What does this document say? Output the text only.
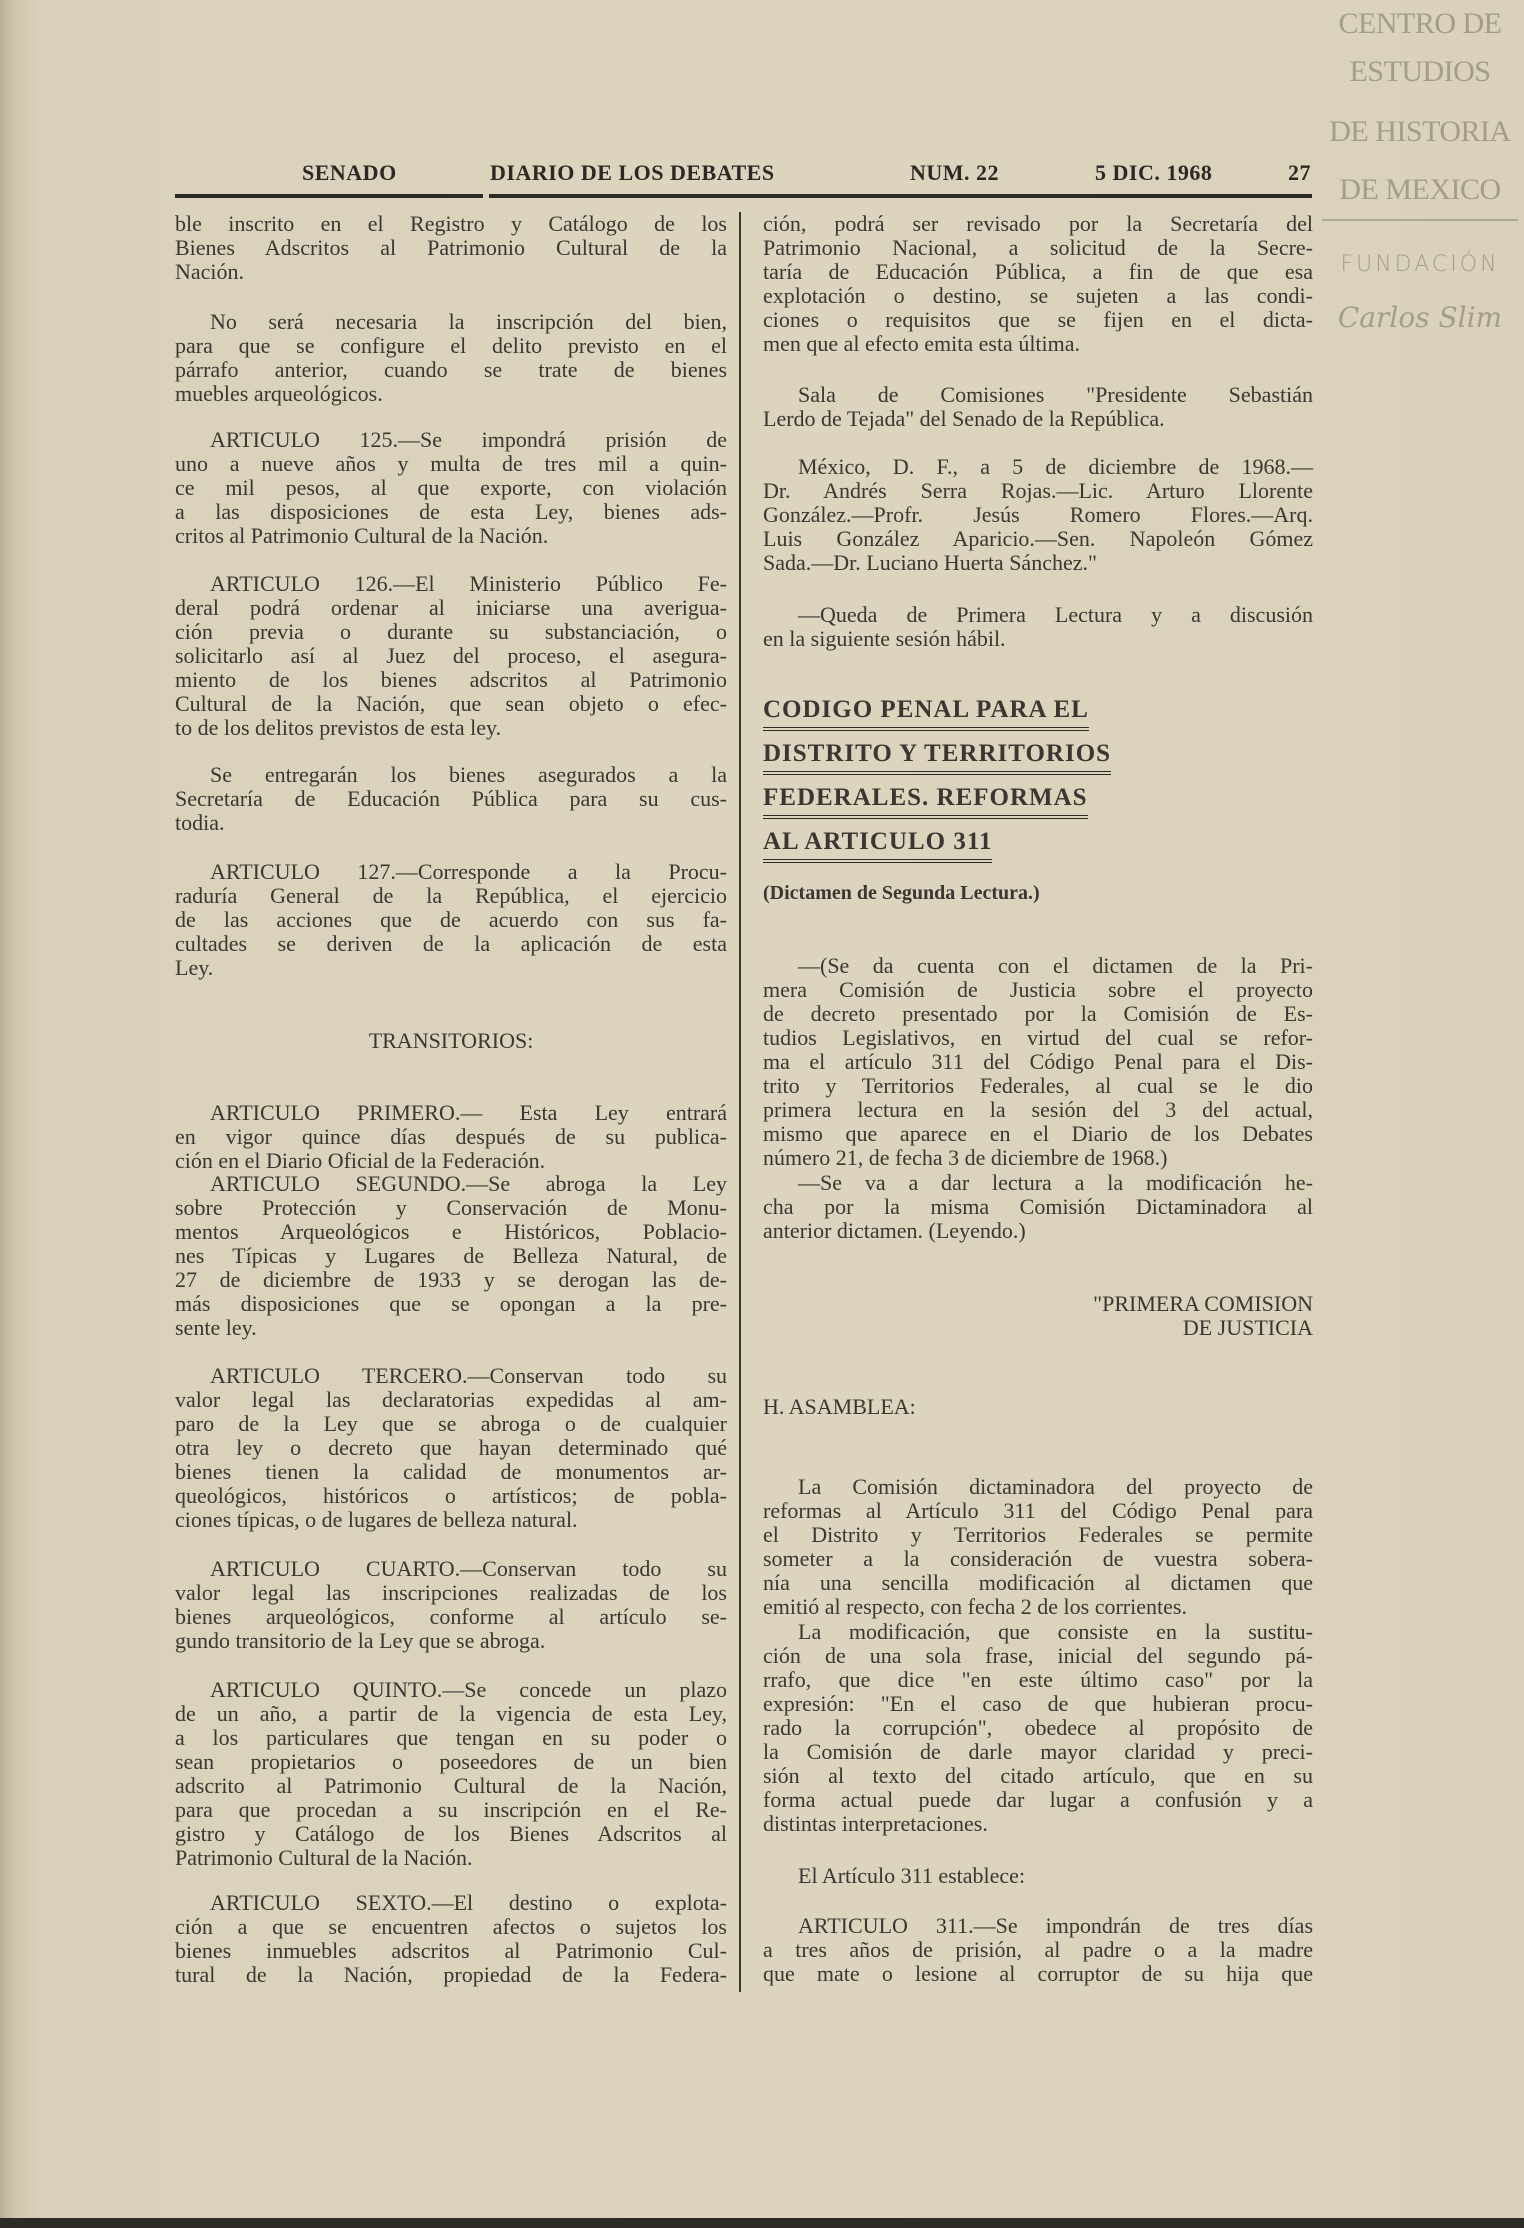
CENTRO DE
ESTUDIOS
DE HISTORIA
DE MEXICO
FUNDACIÓN
Carlos Slim
SENADO	DIARIO DE LOS DEBATES	NUM. 22	5 DIC. 1968	27
ble inscrito en el Registro y Catálogo de los
Bienes Adscritos al Patrimonio Cultural de la
Nación.
No será necesaria la inscripción del bien,
para que se configure el delito previsto en el
párrafo anterior, cuando se trate de bienes
muebles arqueológicos.
ARTICULO 125.—Se impondrá prisión de
uno a nueve años y multa de tres mil a quin-
ce mil pesos, al que exporte, con violación
a las disposiciones de esta Ley, bienes ads-
critos al Patrimonio Cultural de la Nación.
ARTICULO 126.—El Ministerio Público Fe-
deral podrá ordenar al iniciarse una averigua-
ción previa o durante su substanciación, o
solicitarlo así al Juez del proceso, el asegura-
miento de los bienes adscritos al Patrimonio
Cultural de la Nación, que sean objeto o efec-
to de los delitos previstos de esta ley.
Se entregarán los bienes asegurados a la
Secretaría de Educación Pública para su cus-
todia.
ARTICULO 127.—Corresponde a la Procu-
raduría General de la República, el ejercicio
de las acciones que de acuerdo con sus fa-
cultades se deriven de la aplicación de esta
Ley.
TRANSITORIOS:
ARTICULO PRIMERO.— Esta Ley entrará
en vigor quince días después de su publica-
ción en el Diario Oficial de la Federación.
ARTICULO SEGUNDO.—Se abroga la Ley
sobre Protección y Conservación de Monu-
mentos Arqueológicos e Históricos, Poblacio-
nes Típicas y Lugares de Belleza Natural, de
27 de diciembre de 1933 y se derogan las de-
más disposiciones que se opongan a la pre-
sente ley.
ARTICULO TERCERO.—Conservan todo su
valor legal las declaratorias expedidas al am-
paro de la Ley que se abroga o de cualquier
otra ley o decreto que hayan determinado qué
bienes tienen la calidad de monumentos ar-
queológicos, históricos o artísticos; de pobla-
ciones típicas, o de lugares de belleza natural.
ARTICULO CUARTO.—Conservan todo su
valor legal las inscripciones realizadas de los
bienes arqueológicos, conforme al artículo se-
gundo transitorio de la Ley que se abroga.
ARTICULO QUINTO.—Se concede un plazo
de un año, a partir de la vigencia de esta Ley,
a los particulares que tengan en su poder o
sean propietarios o poseedores de un bien
adscrito al Patrimonio Cultural de la Nación,
para que procedan a su inscripción en el Re-
gistro y Catálogo de los Bienes Adscritos al
Patrimonio Cultural de la Nación.
ARTICULO SEXTO.—El destino o explota-
ción a que se encuentren afectos o sujetos los
bienes inmuebles adscritos al Patrimonio Cul-
tural de la Nación, propiedad de la Federa-
ción, podrá ser revisado por la Secretaría del
Patrimonio Nacional, a solicitud de la Secre-
taría de Educación Pública, a fin de que esa
explotación o destino, se sujeten a las condi-
ciones o requisitos que se fijen en el dicta-
men que al efecto emita esta última.
Sala de Comisiones "Presidente Sebastián
Lerdo de Tejada" del Senado de la República.
México, D. F., a 5 de diciembre de 1968.—
Dr. Andrés Serra Rojas.—Lic. Arturo Llorente
González.—Profr. Jesús Romero Flores.—Arq.
Luis González Aparicio.—Sen. Napoleón Gómez
Sada.—Dr. Luciano Huerta Sánchez."
—Queda de Primera Lectura y a discusión
en la siguiente sesión hábil.
CODIGO PENAL PARA EL
DISTRITO Y TERRITORIOS
FEDERALES. REFORMAS
AL ARTICULO 311
(Dictamen de Segunda Lectura.)
—(Se da cuenta con el dictamen de la Pri-
mera Comisión de Justicia sobre el proyecto
de decreto presentado por la Comisión de Es-
tudios Legislativos, en virtud del cual se refor-
ma el artículo 311 del Código Penal para el Dis-
trito y Territorios Federales, al cual se le dio
primera lectura en la sesión del 3 del actual,
mismo que aparece en el Diario de los Debates
número 21, de fecha 3 de diciembre de 1968.)
—Se va a dar lectura a la modificación he-
cha por la misma Comisión Dictaminadora al
anterior dictamen. (Leyendo.)
"PRIMERA COMISION
DE JUSTICIA
H. ASAMBLEA:
La Comisión dictaminadora del proyecto de
reformas al Artículo 311 del Código Penal para
el Distrito y Territorios Federales se permite
someter a la consideración de vuestra sobera-
nía una sencilla modificación al dictamen que
emitió al respecto, con fecha 2 de los corrientes.
La modificación, que consiste en la sustitu-
ción de una sola frase, inicial del segundo pá-
rrafo, que dice "en este último caso" por la
expresión: "En el caso de que hubieran procu-
rado la corrupción", obedece al propósito de
la Comisión de darle mayor claridad y preci-
sión al texto del citado artículo, que en su
forma actual puede dar lugar a confusión y a
distintas interpretaciones.
El Artículo 311 establece:
ARTICULO 311.—Se impondrán de tres días
a tres años de prisión, al padre o a la madre
que mate o lesione al corruptor de su hija que
